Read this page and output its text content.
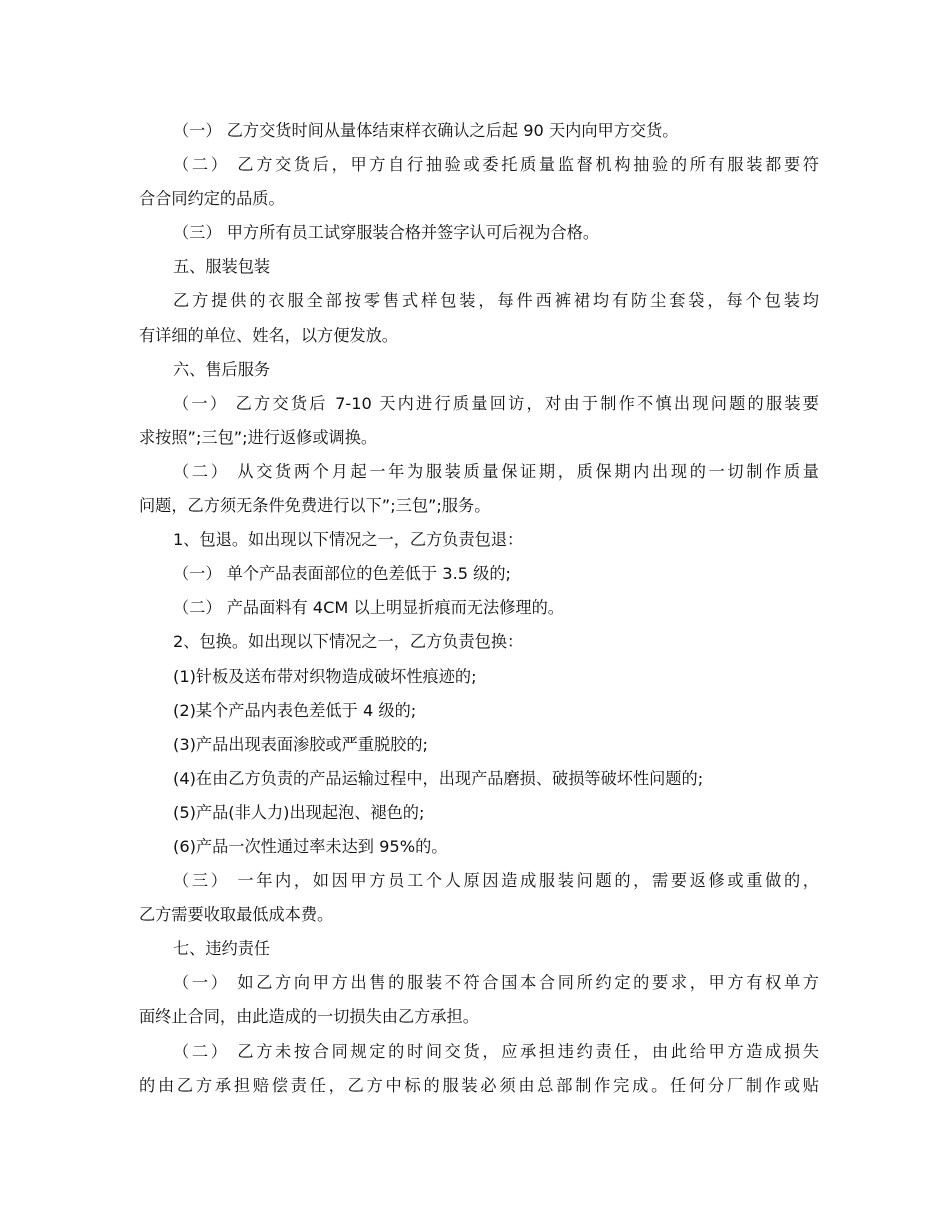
（一） 乙方交货时间从量体结束样衣确认之后起 90 天内向甲方交货。
（二） 乙方交货后，甲方自行抽验或委托质量监督机构抽验的所有服装都要符
合合同约定的品质。
（三） 甲方所有员工试穿服装合格并签字认可后视为合格。
五、服装包装
乙方提供的衣服全部按零售式样包装，每件西裤裙均有防尘套袋，每个包装均
有详细的单位、姓名，以方便发放。
六、售后服务
（一） 乙方交货后 7-10 天内进行质量回访，对由于制作不慎出现问题的服装要
求按照”;三包”;进行返修或调换。
（二） 从交货两个月起一年为服装质量保证期，质保期内出现的一切制作质量
问题，乙方须无条件免费进行以下”;三包”;服务。
1、包退。如出现以下情况之一，乙方负责包退：
（一） 单个产品表面部位的色差低于 3.5 级的;
（二） 产品面料有 4CM 以上明显折痕而无法修理的。
2、包换。如出现以下情况之一，乙方负责包换：
(1)针板及送布带对织物造成破坏性痕迹的;
(2)某个产品内表色差低于 4 级的;
(3)产品出现表面渗胶或严重脱胶的;
(4)在由乙方负责的产品运输过程中，出现产品磨损、破损等破坏性问题的;
(5)产品(非人力)出现起泡、褪色的;
(6)产品一次性通过率未达到 95%的。
（三） 一年内，如因甲方员工个人原因造成服装问题的，需要返修或重做的，
乙方需要收取最低成本费。
七、违约责任
（一） 如乙方向甲方出售的服装不符合国本合同所约定的要求，甲方有权单方
面终止合同，由此造成的一切损失由乙方承担。
（二） 乙方未按合同规定的时间交货，应承担违约责任，由此给甲方造成损失
的由乙方承担赔偿责任，乙方中标的服装必须由总部制作完成。任何分厂制作或贴
